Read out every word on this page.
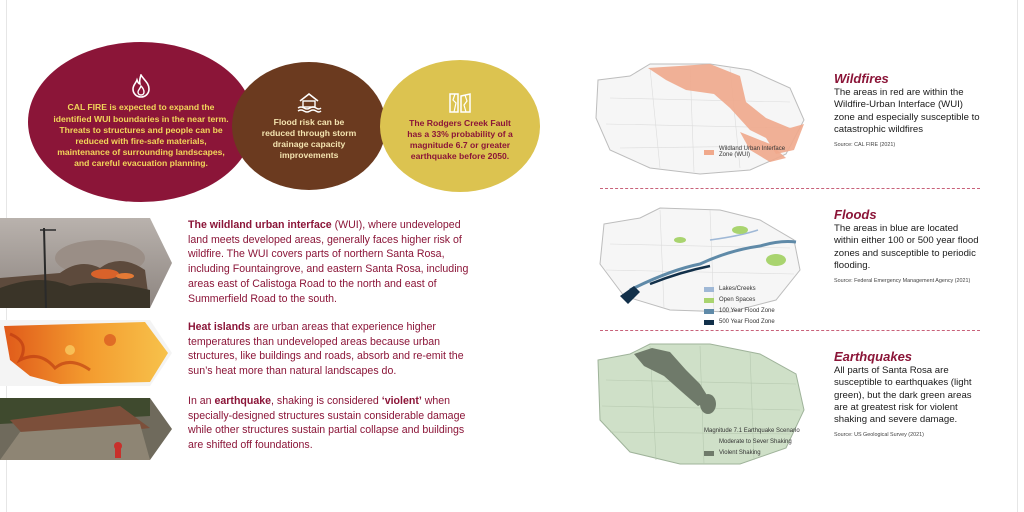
CAL FIRE is expected to expand the identified WUI boundaries in the near term. Threats to structures and people can be reduced with fire-safe materials, maintenance of surrounding landscapes, and careful evacuation planning.
Flood risk can be reduced through storm drainage capacity improvements
The Rodgers Creek Fault has a 33% probability of a magnitude 6.7 or greater earthquake before 2050.
The wildland urban interface (WUI), where undeveloped land meets developed areas, generally faces higher risk of wildfire. The WUI covers parts of northern Santa Rosa, including Fountaingrove, and eastern Santa Rosa, including areas east of Calistoga Road to the north and east of Summerfield Road to the south.
Heat islands are urban areas that experience higher temperatures than undeveloped areas because urban structures, like buildings and roads, absorb and re-emit the sun’s heat more than natural landscapes do.
In an earthquake, shaking is considered ‘violent’ when specially-designed structures sustain considerable damage while other structures sustain partial collapse and buildings are shifted off foundations.
Wildland Urban Interface Zone (WUI)
Wildfires

The areas in red are within the Wildfire-Urban Interface (WUI) zone and especially susceptible to catastrophic wildfires

Source: CAL FIRE (2021)

Lakes/Creeks
Open Spaces
100 Year Flood Zone
500 Year Flood Zone
Floods

The areas in blue are located within either 100 or 500 year flood zones and susceptible to periodic flooding.

Source: Federal Emergency Management Agency (2021)

Magnitude 7.1 Earthquake Scenario
Moderate to Sever Shaking
Violent Shaking
Earthquakes

All parts of Santa Rosa are susceptible to earthquakes (light green), but the dark green areas are at greatest risk for violent shaking and severe damage.

Source: US Geological Survey (2021)
